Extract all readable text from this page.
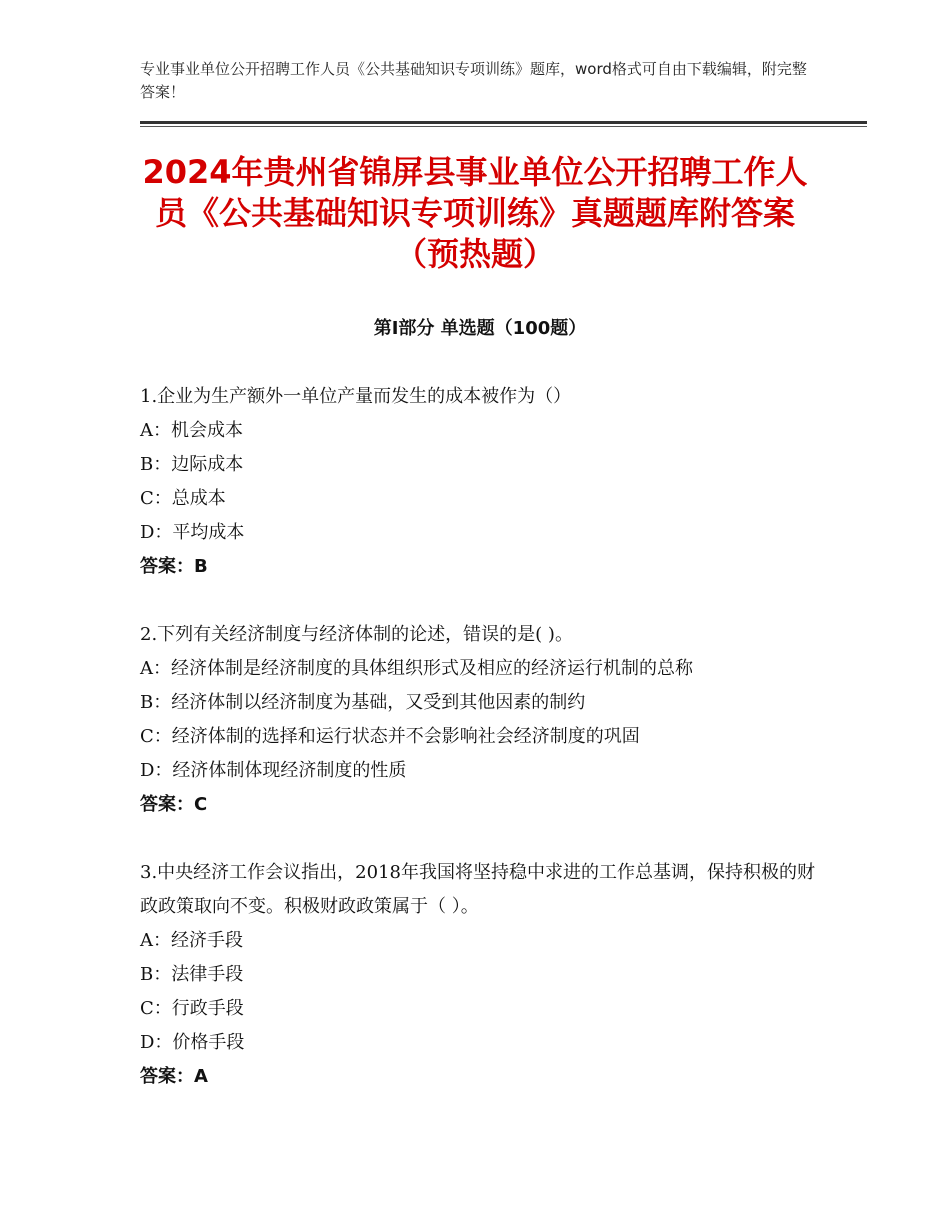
专业事业单位公开招聘工作人员《公共基础知识专项训练》题库，word格式可自由下载编辑，附完整答案！
2024年贵州省锦屏县事业单位公开招聘工作人员《公共基础知识专项训练》真题题库附答案（预热题）
第Ⅰ部分 单选题（100题）

1.企业为生产额外一单位产量而发生的成本被作为（）

A：机会成本

B：边际成本

C：总成本

D：平均成本

答案：B

2.下列有关经济制度与经济体制的论述，错误的是( )。

A：经济体制是经济制度的具体组织形式及相应的经济运行机制的总称

B：经济体制以经济制度为基础，又受到其他因素的制约

C：经济体制的选择和运行状态并不会影响社会经济制度的巩固

D：经济体制体现经济制度的性质

答案：C

3.中央经济工作会议指出，2018年我国将坚持稳中求进的工作总基调，保持积极的财政政策取向不变。积极财政政策属于（ ）。

A：经济手段

B：法律手段

C：行政手段

D：价格手段

答案：A
